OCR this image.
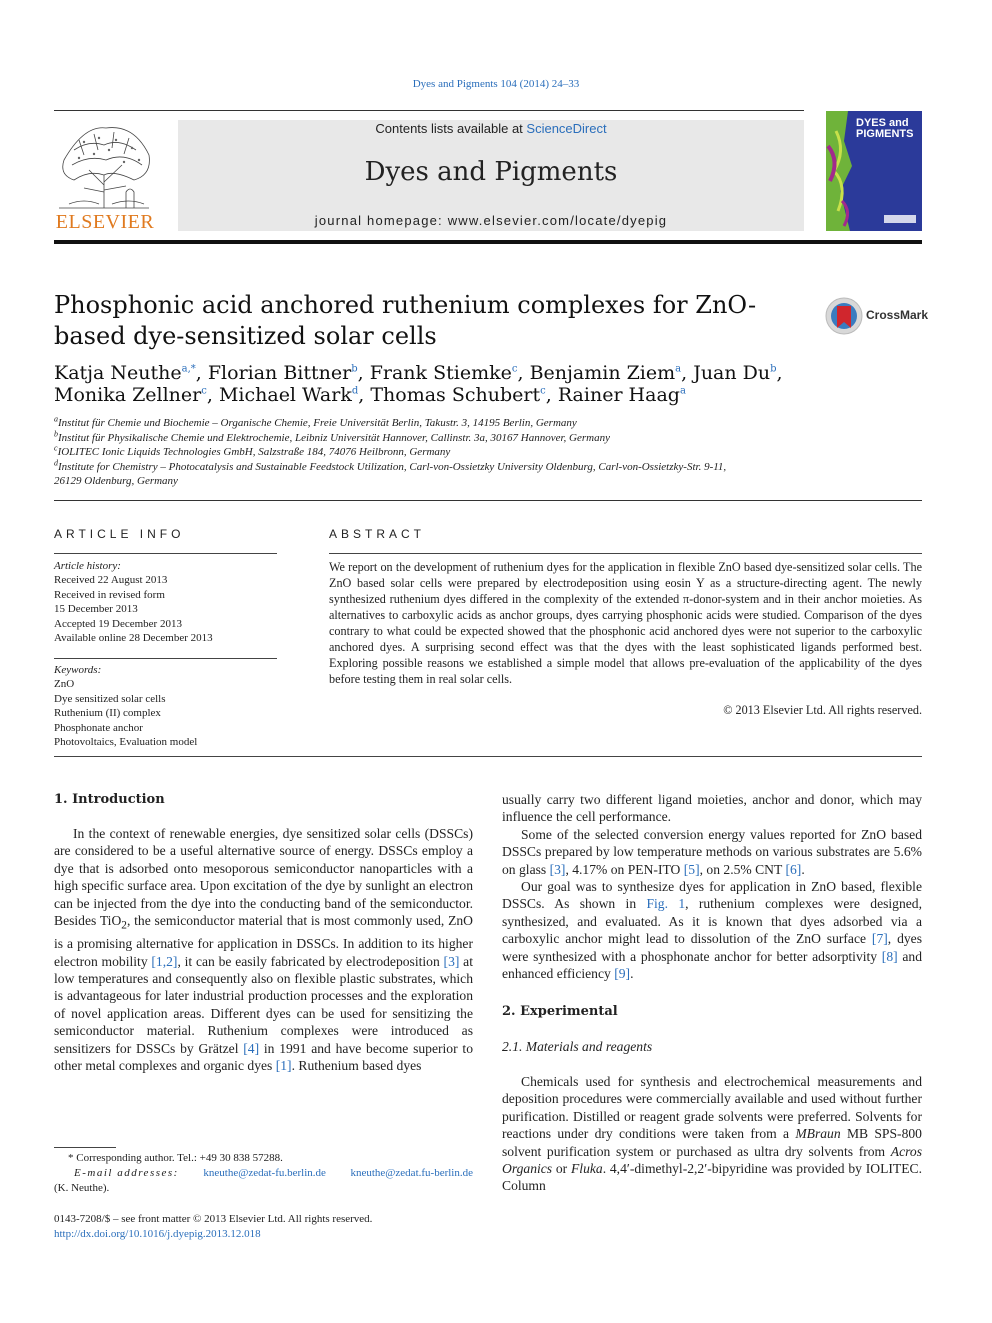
Dyes and Pigments 104 (2014) 24–33
ELSEVIER
Contents lists available at ScienceDirect
Dyes and Pigments
journal homepage: www.elsevier.com/locate/dyepig
DYES and PIGMENTS
Phosphonic acid anchored ruthenium complexes for ZnO-based dye-sensitized solar cells
CrossMark
Katja Neuthe$^{a,*}$, Florian Bittner$^b$, Frank Stiemke$^c$, Benjamin Ziem$^a$, Juan Du$^b$,
Monika Zellner$^c$, Michael Wark$^d$, Thomas Schubert$^c$, Rainer Haag$^a$
$^a$Institut für Chemie und Biochemie – Organische Chemie, Freie Universität Berlin, Takustr. 3, 14195 Berlin, Germany
$^b$Institut für Physikalische Chemie und Elektrochemie, Leibniz Universität Hannover, Callinstr. 3a, 30167 Hannover, Germany
$^c$IOLITEC Ionic Liquids Technologies GmbH, Salzstraße 184, 74076 Heilbronn, Germany
$^d$Institute for Chemistry – Photocatalysis and Sustainable Feedstock Utilization, Carl-von-Ossietzky University Oldenburg, Carl-von-Ossietzky-Str. 9-11,
26129 Oldenburg, Germany
ARTICLE INFO	ABSTRACT
Article history:
Received 22 August 2013
Received in revised form
15 December 2013
Accepted 19 December 2013
Available online 28 December 2013
Keywords:
ZnO
Dye sensitized solar cells
Ruthenium (II) complex
Phosphonate anchor
Photovoltaics, Evaluation model
We report on the development of ruthenium dyes for the application in flexible ZnO based dye-sensitized solar cells. The ZnO based solar cells were prepared by electrodeposition using eosin Y as a structure-directing agent. The newly synthesized ruthenium dyes differed in the complexity of the extended π-donor-system and in their anchor moieties. As alternatives to carboxylic acids as anchor groups, dyes carrying phosphonic acids were studied. Comparison of the dyes contrary to what could be expected showed that the phosphonic acid anchored dyes were not superior to the carboxylic anchored dyes. A surprising second effect was that the dyes with the least sophisticated ligands performed best. Exploring possible reasons we established a simple model that allows pre-evaluation of the applicability of the dyes before testing them in real solar cells.
© 2013 Elsevier Ltd. All rights reserved.
1. Introduction

In the context of renewable energies, dye sensitized solar cells (DSSCs) are considered to be a useful alternative source of energy. DSSCs employ a dye that is adsorbed onto mesoporous semiconductor nanoparticles with a high specific surface area. Upon excitation of the dye by sunlight an electron can be injected from the dye into the conducting band of the semiconductor. Besides TiO$_2$, the semiconductor material that is most commonly used, ZnO is a promising alternative for application in DSSCs. In addition to its higher electron mobility [1,2], it can be easily fabricated by electrodeposition [3] at low temperatures and consequently also on flexible plastic substrates, which is advantageous for later industrial production processes and the exploration of novel application areas. Different dyes can be used for sensitizing the semiconductor material. Ruthenium complexes were introduced as sensitizers for DSSCs by Grätzel [4] in 1991 and have become superior to other metal complexes and organic dyes [1]. Ruthenium based dyes

usually carry two different ligand moieties, anchor and donor, which may influence the cell performance.

Some of the selected conversion energy values reported for ZnO based DSSCs prepared by low temperature methods on various substrates are 5.6% on glass [3], 4.17% on PEN-ITO [5], on 2.5% CNT [6].

Our goal was to synthesize dyes for application in ZnO based, flexible DSSCs. As shown in Fig. 1, ruthenium complexes were designed, synthesized, and evaluated. As it is known that dyes adsorbed via a carboxylic anchor might lead to dissolution of the ZnO surface [7], dyes were synthesized with a phosphonate anchor for better adsorptivity [8] and enhanced efficiency [9].

2. Experimental
2.1. Materials and reagents

Chemicals used for synthesis and electrochemical measurements and deposition procedures were commercially available and used without further purification. Distilled or reagent grade solvents were preferred. Solvents for reactions under dry conditions were taken from a MBraun MB SPS-800 solvent purification system or purchased as ultra dry solvents from Acros Organics or Fluka. 4,4′-dimethyl-2,2′-bipyridine was provided by IOLITEC. Column

* Corresponding author. Tel.: +49 30 838 57288.
E-mail addresses: kneuthe@zedat-fu.berlin.de kneuthe@zedat.fu-berlin.de
(K. Neuthe).
0143-7208/$ – see front matter © 2013 Elsevier Ltd. All rights reserved.
http://dx.doi.org/10.1016/j.dyepig.2013.12.018
